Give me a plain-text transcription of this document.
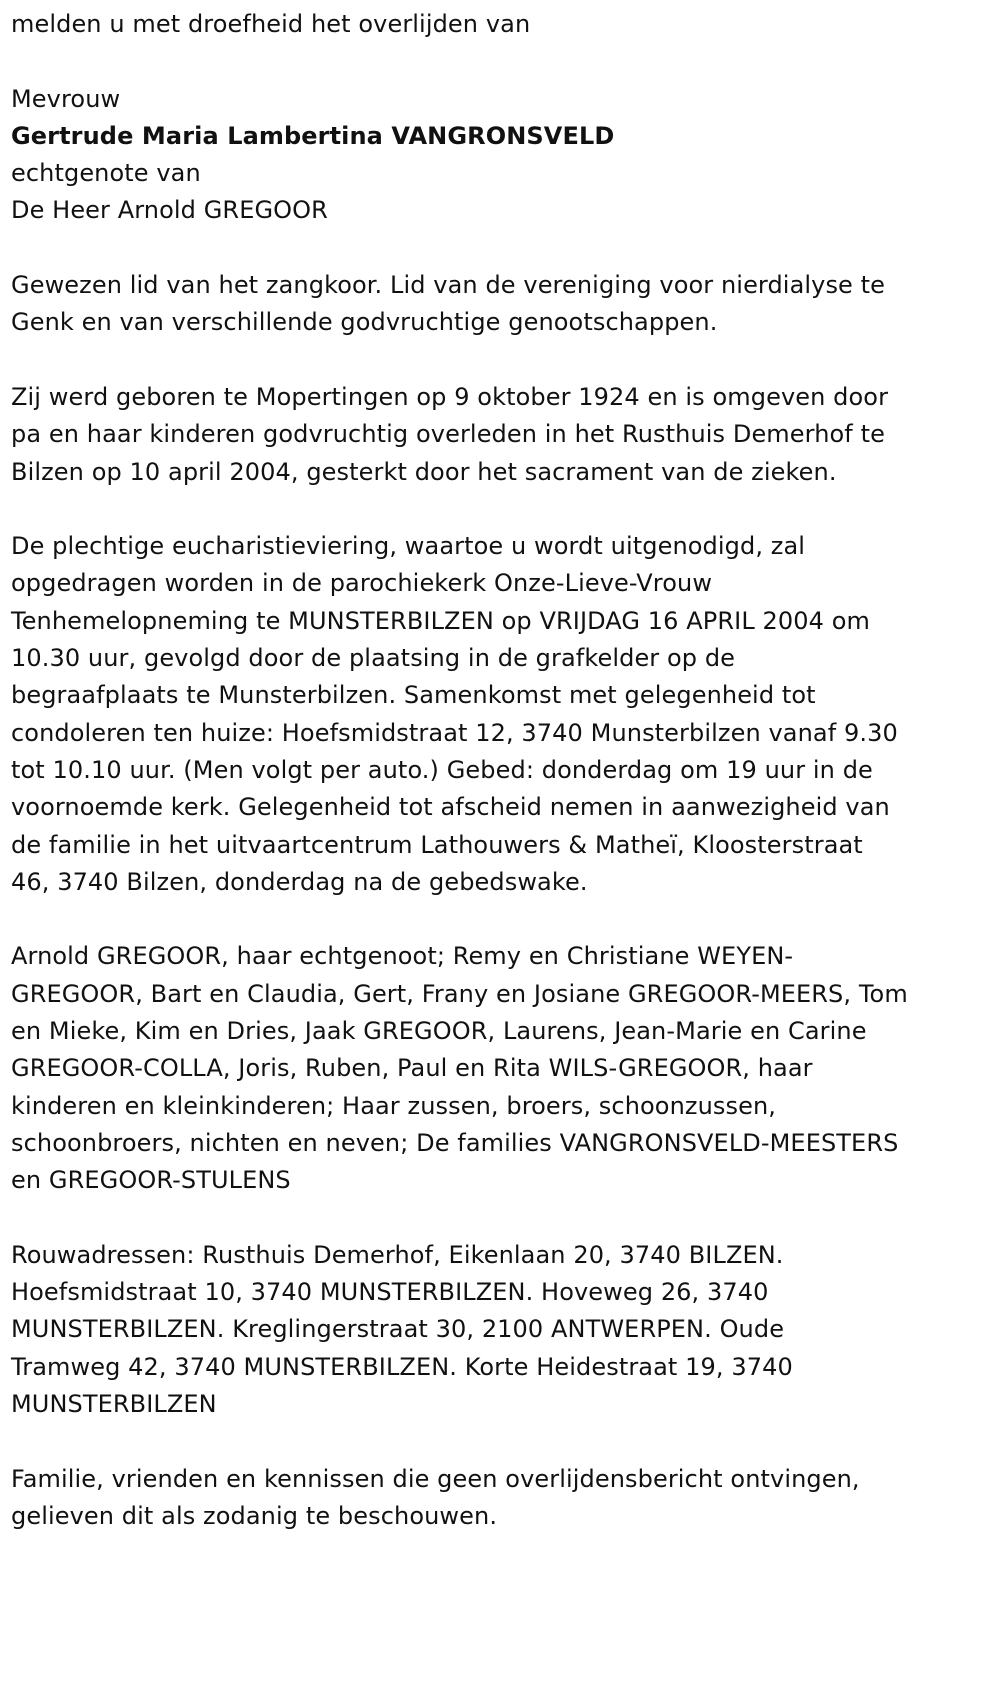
melden u met droefheid het overlijden van
Mevrouw
Gertrude Maria Lambertina VANGRONSVELD
echtgenote van
De Heer Arnold GREGOOR
Gewezen lid van het zangkoor. Lid van de vereniging voor nierdialyse te
Genk en van verschillende godvruchtige genootschappen.
Zij werd geboren te Mopertingen op 9 oktober 1924 en is omgeven door
pa en haar kinderen godvruchtig overleden in het Rusthuis Demerhof te
Bilzen op 10 april 2004, gesterkt door het sacrament van de zieken.
De plechtige eucharistieviering, waartoe u wordt uitgenodigd, zal
opgedragen worden in de parochiekerk Onze-Lieve-Vrouw
Tenhemelopneming te MUNSTERBILZEN op VRIJDAG 16 APRIL 2004 om
10.30 uur, gevolgd door de plaatsing in de grafkelder op de
begraafplaats te Munsterbilzen. Samenkomst met gelegenheid tot
condoleren ten huize: Hoefsmidstraat 12, 3740 Munsterbilzen vanaf 9.30
tot 10.10 uur. (Men volgt per auto.) Gebed: donderdag om 19 uur in de
voornoemde kerk. Gelegenheid tot afscheid nemen in aanwezigheid van
de familie in het uitvaartcentrum Lathouwers & Matheï, Kloosterstraat
46, 3740 Bilzen, donderdag na de gebedswake.
Arnold GREGOOR, haar echtgenoot; Remy en Christiane WEYEN-
GREGOOR, Bart en Claudia, Gert, Frany en Josiane GREGOOR-MEERS, Tom
en Mieke, Kim en Dries, Jaak GREGOOR, Laurens, Jean-Marie en Carine
GREGOOR-COLLA, Joris, Ruben, Paul en Rita WILS-GREGOOR, haar
kinderen en kleinkinderen; Haar zussen, broers, schoonzussen,
schoonbroers, nichten en neven; De families VANGRONSVELD-MEESTERS
en GREGOOR-STULENS
Rouwadressen: Rusthuis Demerhof, Eikenlaan 20, 3740 BILZEN.
Hoefsmidstraat 10, 3740 MUNSTERBILZEN. Hoveweg 26, 3740
MUNSTERBILZEN. Kreglingerstraat 30, 2100 ANTWERPEN. Oude
Tramweg 42, 3740 MUNSTERBILZEN. Korte Heidestraat 19, 3740
MUNSTERBILZEN
Familie, vrienden en kennissen die geen overlijdensbericht ontvingen,
gelieven dit als zodanig te beschouwen.
